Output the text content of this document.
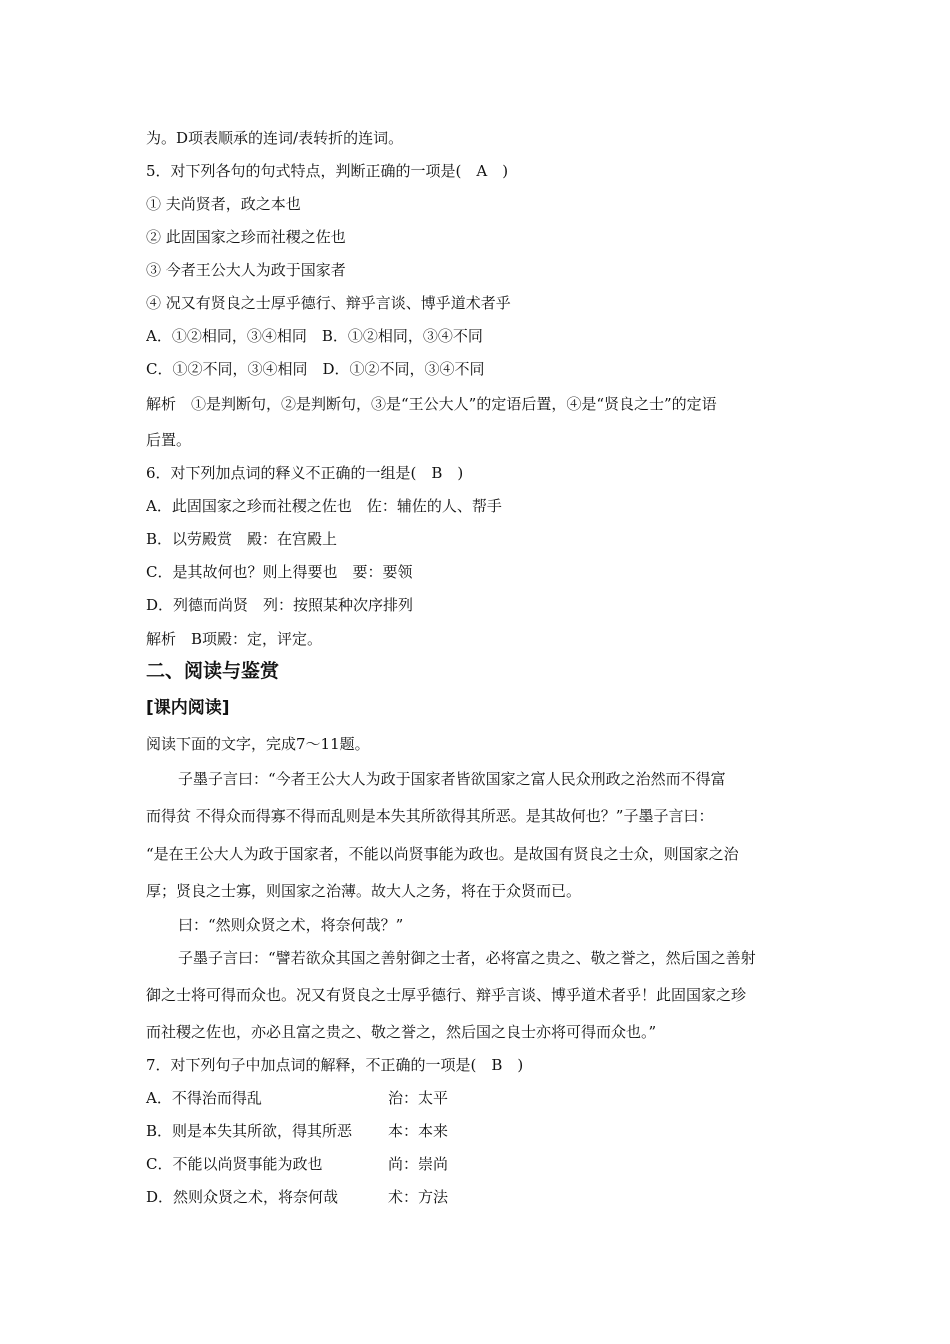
为。D项表顺承的连词/表转折的连词。
5．对下列各句的句式特点，判断正确的一项是(　A　)
① 夫尚贤者，政之本也
② 此固国家之珍而社稷之佐也
③ 今者王公大人为政于国家者
④ 况又有贤良之士厚乎德行、辩乎言谈、博乎道术者乎
A．①②相同，③④相同　B．①②相同，③④不同
C．①②不同，③④相同　D．①②不同，③④不同
解析　①是判断句，②是判断句，③是“王公大人”的定语后置，④是“贤良之士”的定语
后置。
6．对下列加点词的释义不正确的一组是(　B　)
A．此固国家之珍而社稷之佐也　佐：辅佐的人、帮手
B．以劳殿赏　殿：在宫殿上
C．是其故何也？则上得要也　要：要领
D．列德而尚贤　列：按照某种次序排列
解析　B项殿：定，评定。
二、阅读与鉴赏
[课内阅读]
阅读下面的文字，完成7～11题。
子墨子言曰：“今者王公大人为政于国家者皆欲国家之富人民众刑政之治然而不得富
而得贫 不得众而得寡不得而乱则是本失其所欲得其所恶。是其故何也？”子墨子言曰：
“是在王公大人为政于国家者，不能以尚贤事能为政也。是故国有贤良之士众，则国家之治
厚；贤良之士寡，则国家之治薄。故大人之务，将在于众贤而已。
曰：“然则众贤之术，将奈何哉？”
子墨子言曰：“譬若欲众其国之善射御之士者，必将富之贵之、敬之誉之，然后国之善射
御之士将可得而众也。况又有贤良之士厚乎德行、辩乎言谈、博乎道术者乎！此固国家之珍
而社稷之佐也，亦必且富之贵之、敬之誉之，然后国之良士亦将可得而众也。”
7．对下列句子中加点词的解释，不正确的一项是(　B　)
A．不得治而得乱	治：太平
B．则是本失其所欲，得其所恶 本：本来
C．不能以尚贤事能为政也	尚：崇尚
D．然则众贤之术，将奈何哉	术：方法
